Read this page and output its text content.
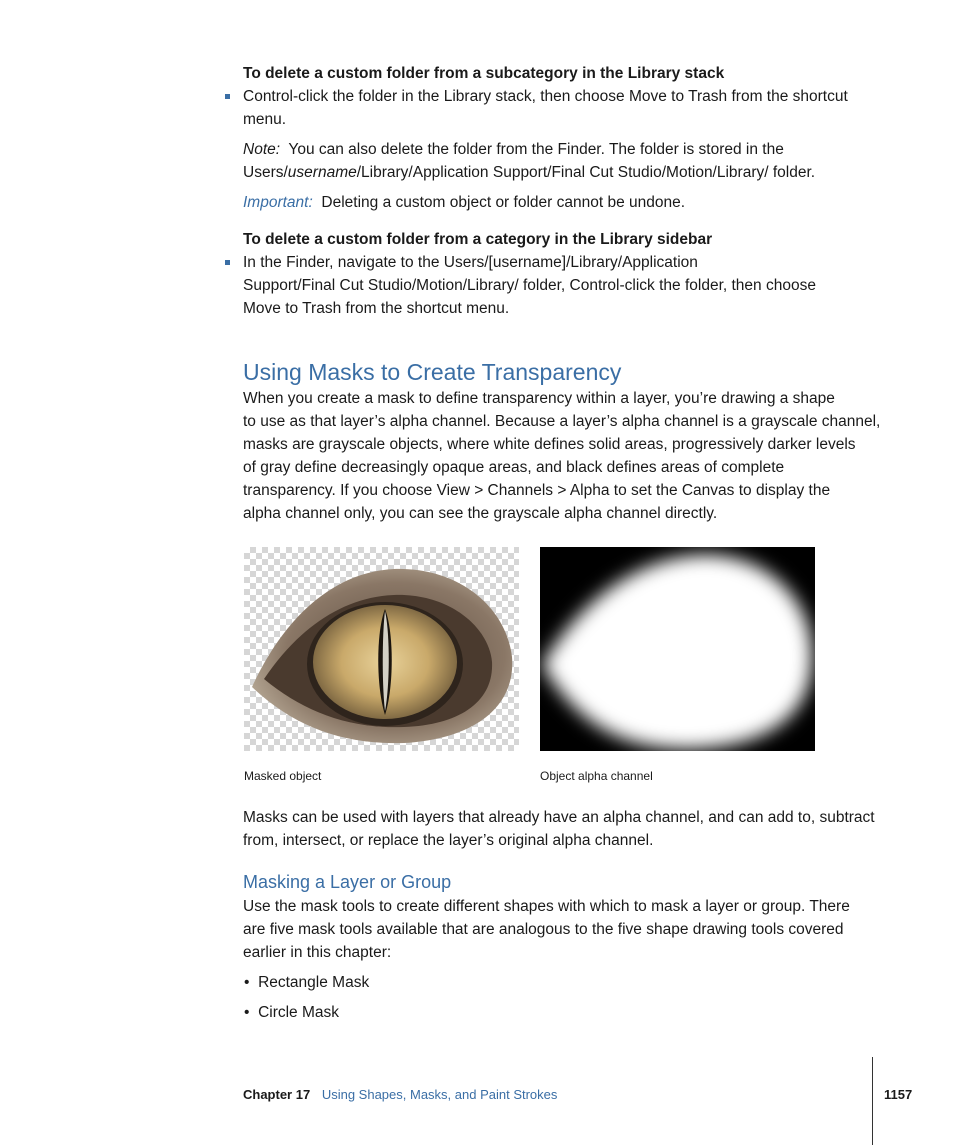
To delete a custom folder from a subcategory in the Library stack
Control-click the folder in the Library stack, then choose Move to Trash from the shortcut menu.
Note: You can also delete the folder from the Finder. The folder is stored in the
Users/username/Library/Application Support/Final Cut Studio/Motion/Library/ folder.
Important: Deleting a custom object or folder cannot be undone.
To delete a custom folder from a category in the Library sidebar
In the Finder, navigate to the Users/[username]/Library/Application
Support/Final Cut Studio/Motion/Library/ folder, Control-click the folder, then choose
Move to Trash from the shortcut menu.
Using Masks to Create Transparency
When you create a mask to define transparency within a layer, you’re drawing a shape
to use as that layer’s alpha channel. Because a layer’s alpha channel is a grayscale channel,
masks are grayscale objects, where white defines solid areas, progressively darker levels
of gray define decreasingly opaque areas, and black defines areas of complete
transparency. If you choose View > Channels > Alpha to set the Canvas to display the
alpha channel only, you can see the grayscale alpha channel directly.
Masked object	Object alpha channel
Masks can be used with layers that already have an alpha channel, and can add to, subtract
from, intersect, or replace the layer’s original alpha channel.
Masking a Layer or Group
Use the mask tools to create different shapes with which to mask a layer or group. There
are five mask tools available that are analogous to the five shape drawing tools covered
earlier in this chapter:
• Rectangle Mask
• Circle Mask
Chapter 17 Using Shapes, Masks, and Paint Strokes	1157
